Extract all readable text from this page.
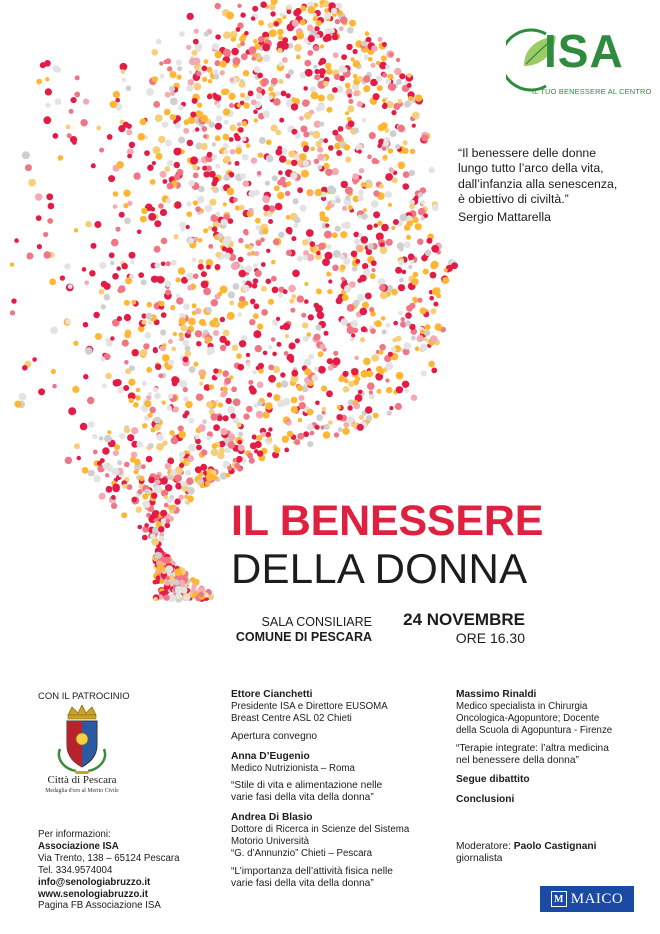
ISA
IL TUO BENESSERE AL CENTRO
“Il benessere delle donne
lungo tutto l’arco della vita,
dall’infanzia alla senescenza,
è obiettivo di civiltà.”
Sergio Mattarella
IL BENESSERE
DELLA DONNA
SALA CONSILIARE
COMUNE DI PESCARA
24 NOVEMBRE
ORE 16.30
CON IL PATROCINIO
Città di Pescara
Medaglia d'oro al Merito Civile
Per informazioni:
Associazione ISA
Via Trento, 138 – 65124 Pescara
Tel. 334.9574004
info@senologiabruzzo.it
www.senologiabruzzo.it
Pagina FB Associazione ISA
Ettore Cianchetti
Presidente ISA e Direttore EUSOMA
Breast Centre ASL 02 Chieti
Apertura convegno
Anna D’Eugenio
Medico Nutrizionista – Roma
“Stile di vita e alimentazione nelle
varie fasi della vita della donna”
Andrea Di Blasio
Dottore di Ricerca in Scienze del Sistema
Motorio Università
“G. d’Annunzio” Chieti – Pescara
“L’importanza dell’attività fisica nelle
varie fasi della vita della donna”
Massimo Rinaldi
Medico specialista in Chirurgia
Oncologica-Agopuntore; Docente
della Scuola di Agopuntura - Firenze
“Terapie integrate: l’altra medicina
nel benessere della donna”
Segue dibattito
Conclusioni
Moderatore: Paolo Castignani
giornalista
M MAICO
